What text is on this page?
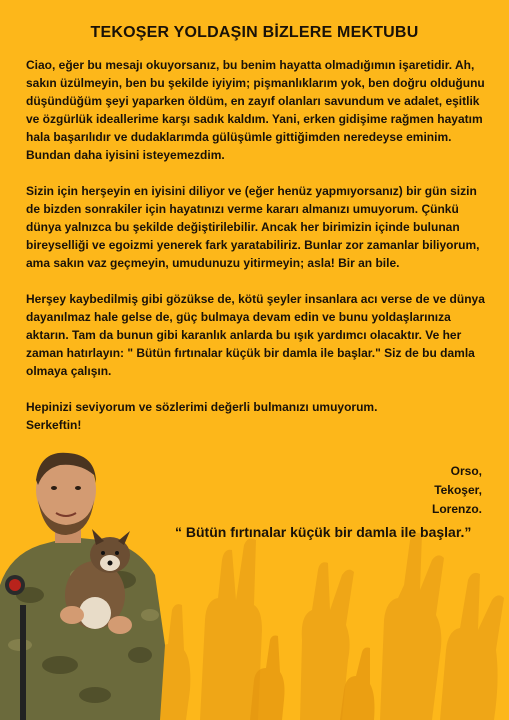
TEKOŞER YOLDAŞIN BİZLERE MEKTUBU

Ciao, eğer bu mesajı okuyorsanız, bu benim hayatta olmadığımın işaretidir. Ah, sakın üzülmeyin, ben bu şekilde iyiyim; pişmanlıklarım yok, ben doğru olduğunu düşündüğüm şeyi yaparken öldüm, en zayıf olanları savundum ve adalet, eşitlik ve özgürlük ideallerime karşı sadık kaldım. Yani, erken gidişime rağmen hayatım hala başarılıdır ve dudaklarımda gülüşümle gittiğimden neredeyse eminim. Bundan daha iyisini isteyemezdim.

Sizin için herşeyin en iyisini diliyor ve (eğer henüz yapmıyorsanız) bir gün sizin de bizden sonrakiler için hayatınızı verme kararı almanızı umuyorum. Çünkü dünya yalnızca bu şekilde değiştirilebilir. Ancak her birimizin içinde bulunan bireyselliği ve egoizmi yenerek fark yaratabiliriz. Bunlar zor zamanlar biliyorum, ama sakın vaz geçmeyin, umudunuzu yitirmeyin; asla! Bir an bile.

Herşey kaybedilmiş gibi gözükse de, kötü şeyler insanlara acı verse de ve dünya dayanılmaz hale gelse de, güç bulmaya devam edin ve bunu yoldaşlarınıza aktarın. Tam da bunun gibi karanlık anlarda bu ışık yardımcı olacaktır. Ve her zaman hatırlayın: " Bütün fırtınalar küçük bir damla ile başlar." Siz de bu damla olmaya çalışın.

Hepinizi seviyorum ve sözlerimi değerli bulmanızı umuyorum.

Serkeftin!

Orso,
Tekoşer,
Lorenzo.
“ Bütün fırtınalar küçük bir damla ile başlar.”
